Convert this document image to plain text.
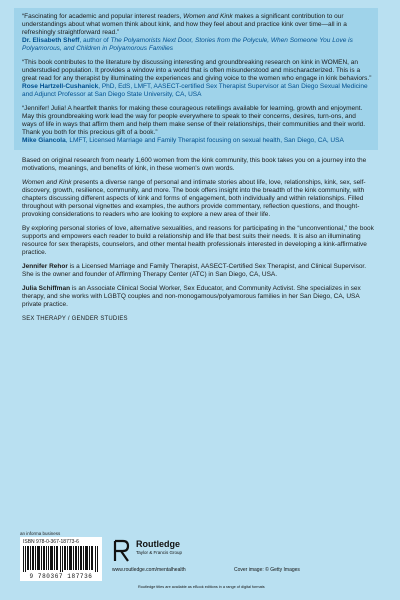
“Fascinating for academic and popular interest readers, Women and Kink makes a significant contribution to our understandings about what women think about kink, and how they feel about and practice kink over time—all in a refreshingly straightforward read.”
Dr. Elisabeth Sheff, author of The Polyamorists Next Door, Stories from the Polycule, When Someone You Love is Polyamorous, and Children in Polyamorous Families

“This book contributes to the literature by discussing interesting and groundbreaking research on kink in WOMEN, an understudied population. It provides a window into a world that is often misunderstood and mischaracterized. This is a great read for any therapist by illuminating the experiences and giving voice to the women who engage in kink behaviors.”
Rose Hartzell-Cushanick, PhD, EdS, LMFT, AASECT-certified Sex Therapist Supervisor at San Diego Sexual Medicine and Adjunct Professor at San Diego State University, CA, USA

“Jennifer! Julia! A heartfelt thanks for making these courageous retellings available for learning, growth and enjoyment. May this groundbreaking work lead the way for people everywhere to speak to their concerns, desires, turn-ons, and ways of life in ways that affirm them and help them make sense of their relationships, their communities and their world. Thank you both for this precious gift of a book.”
Mike Giancola, LMFT, Licensed Marriage and Family Therapist focusing on sexual health, San Diego, CA, USA

Based on original research from nearly 1,600 women from the kink community, this book takes you on a journey into the motivations, meanings, and benefits of kink, in these women's own words.

Women and Kink presents a diverse range of personal and intimate stories about life, love, relationships, kink, sex, self-discovery, growth, resilience, community, and more. The book offers insight into the breadth of the kink community, with chapters discussing different aspects of kink and forms of engagement, both individually and within relationships. Filled throughout with personal vignettes and examples, the authors provide commentary, reflection questions, and thought-provoking considerations to readers who are looking to explore a new area of their life.

By exploring personal stories of love, alternative sexualities, and reasons for participating in the “unconventional,” the book supports and empowers each reader to build a relationship and life that best suits their needs. It is also an illuminating resource for sex therapists, counselors, and other mental health professionals interested in developing a kink-affirmative practice.

Jennifer Rehor is a Licensed Marriage and Family Therapist, AASECT-Certified Sex Therapist, and Clinical Supervisor. She is the owner and founder of Affirming Therapy Center (ATC) in San Diego, CA, USA.

Julia Schiffman is an Associate Clinical Social Worker, Sex Educator, and Community Activist. She specializes in sex therapy, and she works with LGBTQ couples and non-monogamous/polyamorous families in her San Diego, CA, USA private practice.

SEX THERAPY / GENDER STUDIES
an informa business
ISBN 978-0-367-18773-6
9 780367 187736
Routledge
Taylor & Francis Group
www.routledge.com/mentalhealth	Cover image: © Getty Images
Routledge titles are available as eBook editions in a range of digital formats
